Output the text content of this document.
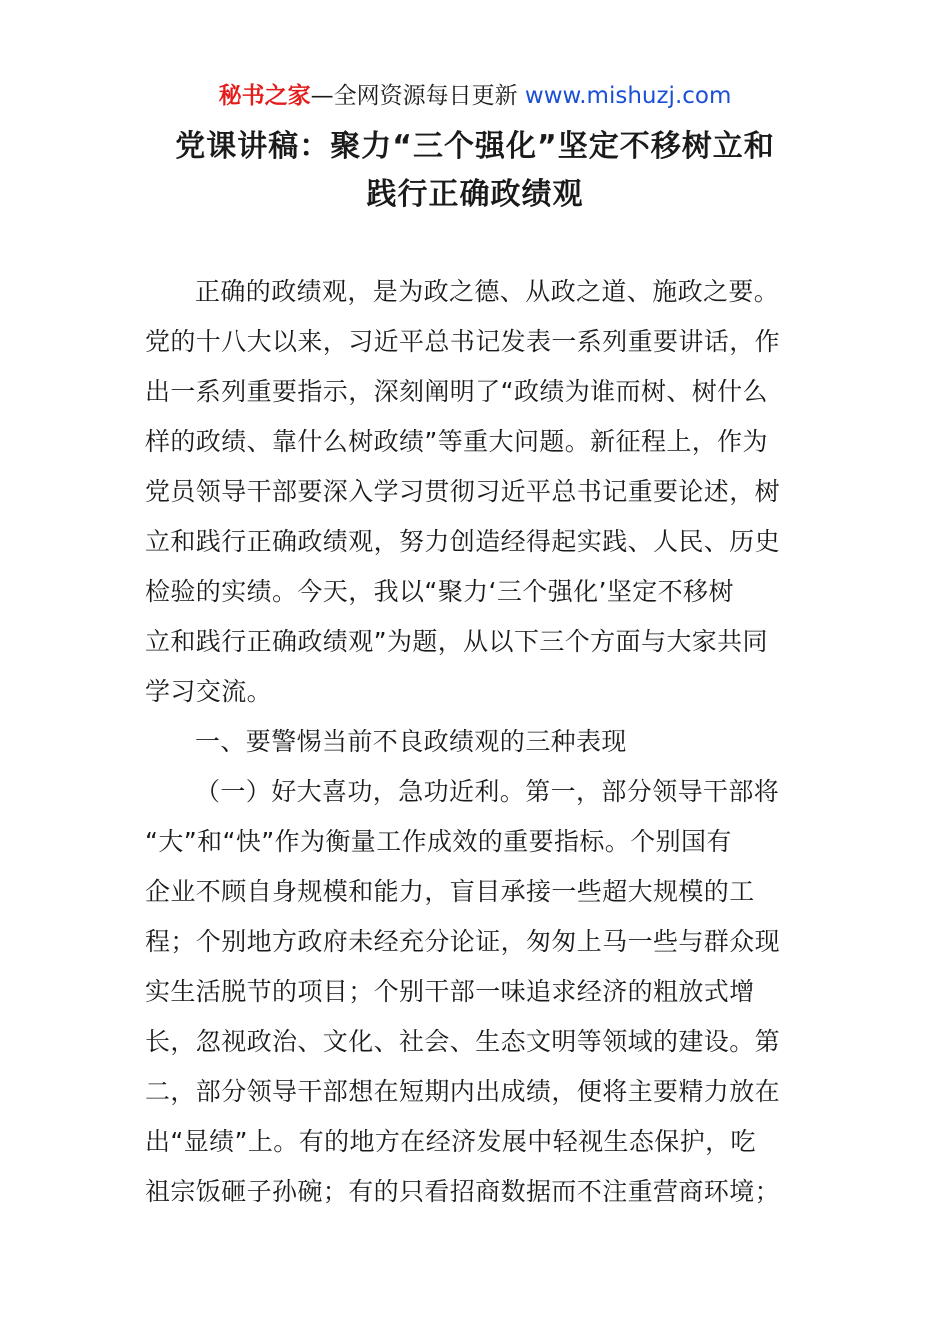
秘书之家—全网资源每日更新 www.mishuzj.com
党课讲稿：聚力“三个强化”坚定不移树立和
践行正确政绩观
正确的政绩观，是为政之德、从政之道、施政之要。
党的十八大以来，习近平总书记发表一系列重要讲话，作
出一系列重要指示，深刻阐明了“政绩为谁而树、树什么
样的政绩、靠什么树政绩”等重大问题。新征程上，作为
党员领导干部要深入学习贯彻习近平总书记重要论述，树
立和践行正确政绩观，努力创造经得起实践、人民、历史
检验的实绩。今天，我以“聚力‘三个强化’坚定不移树
立和践行正确政绩观”为题，从以下三个方面与大家共同
学习交流。
一、要警惕当前不良政绩观的三种表现
（一）好大喜功，急功近利。第一，部分领导干部将
“大”和“快”作为衡量工作成效的重要指标。个别国有
企业不顾自身规模和能力，盲目承接一些超大规模的工
程；个别地方政府未经充分论证，匆匆上马一些与群众现
实生活脱节的项目；个别干部一味追求经济的粗放式增
长，忽视政治、文化、社会、生态文明等领域的建设。第
二，部分领导干部想在短期内出成绩，便将主要精力放在
出“显绩”上。有的地方在经济发展中轻视生态保护，吃
祖宗饭砸子孙碗；有的只看招商数据而不注重营商环境；
